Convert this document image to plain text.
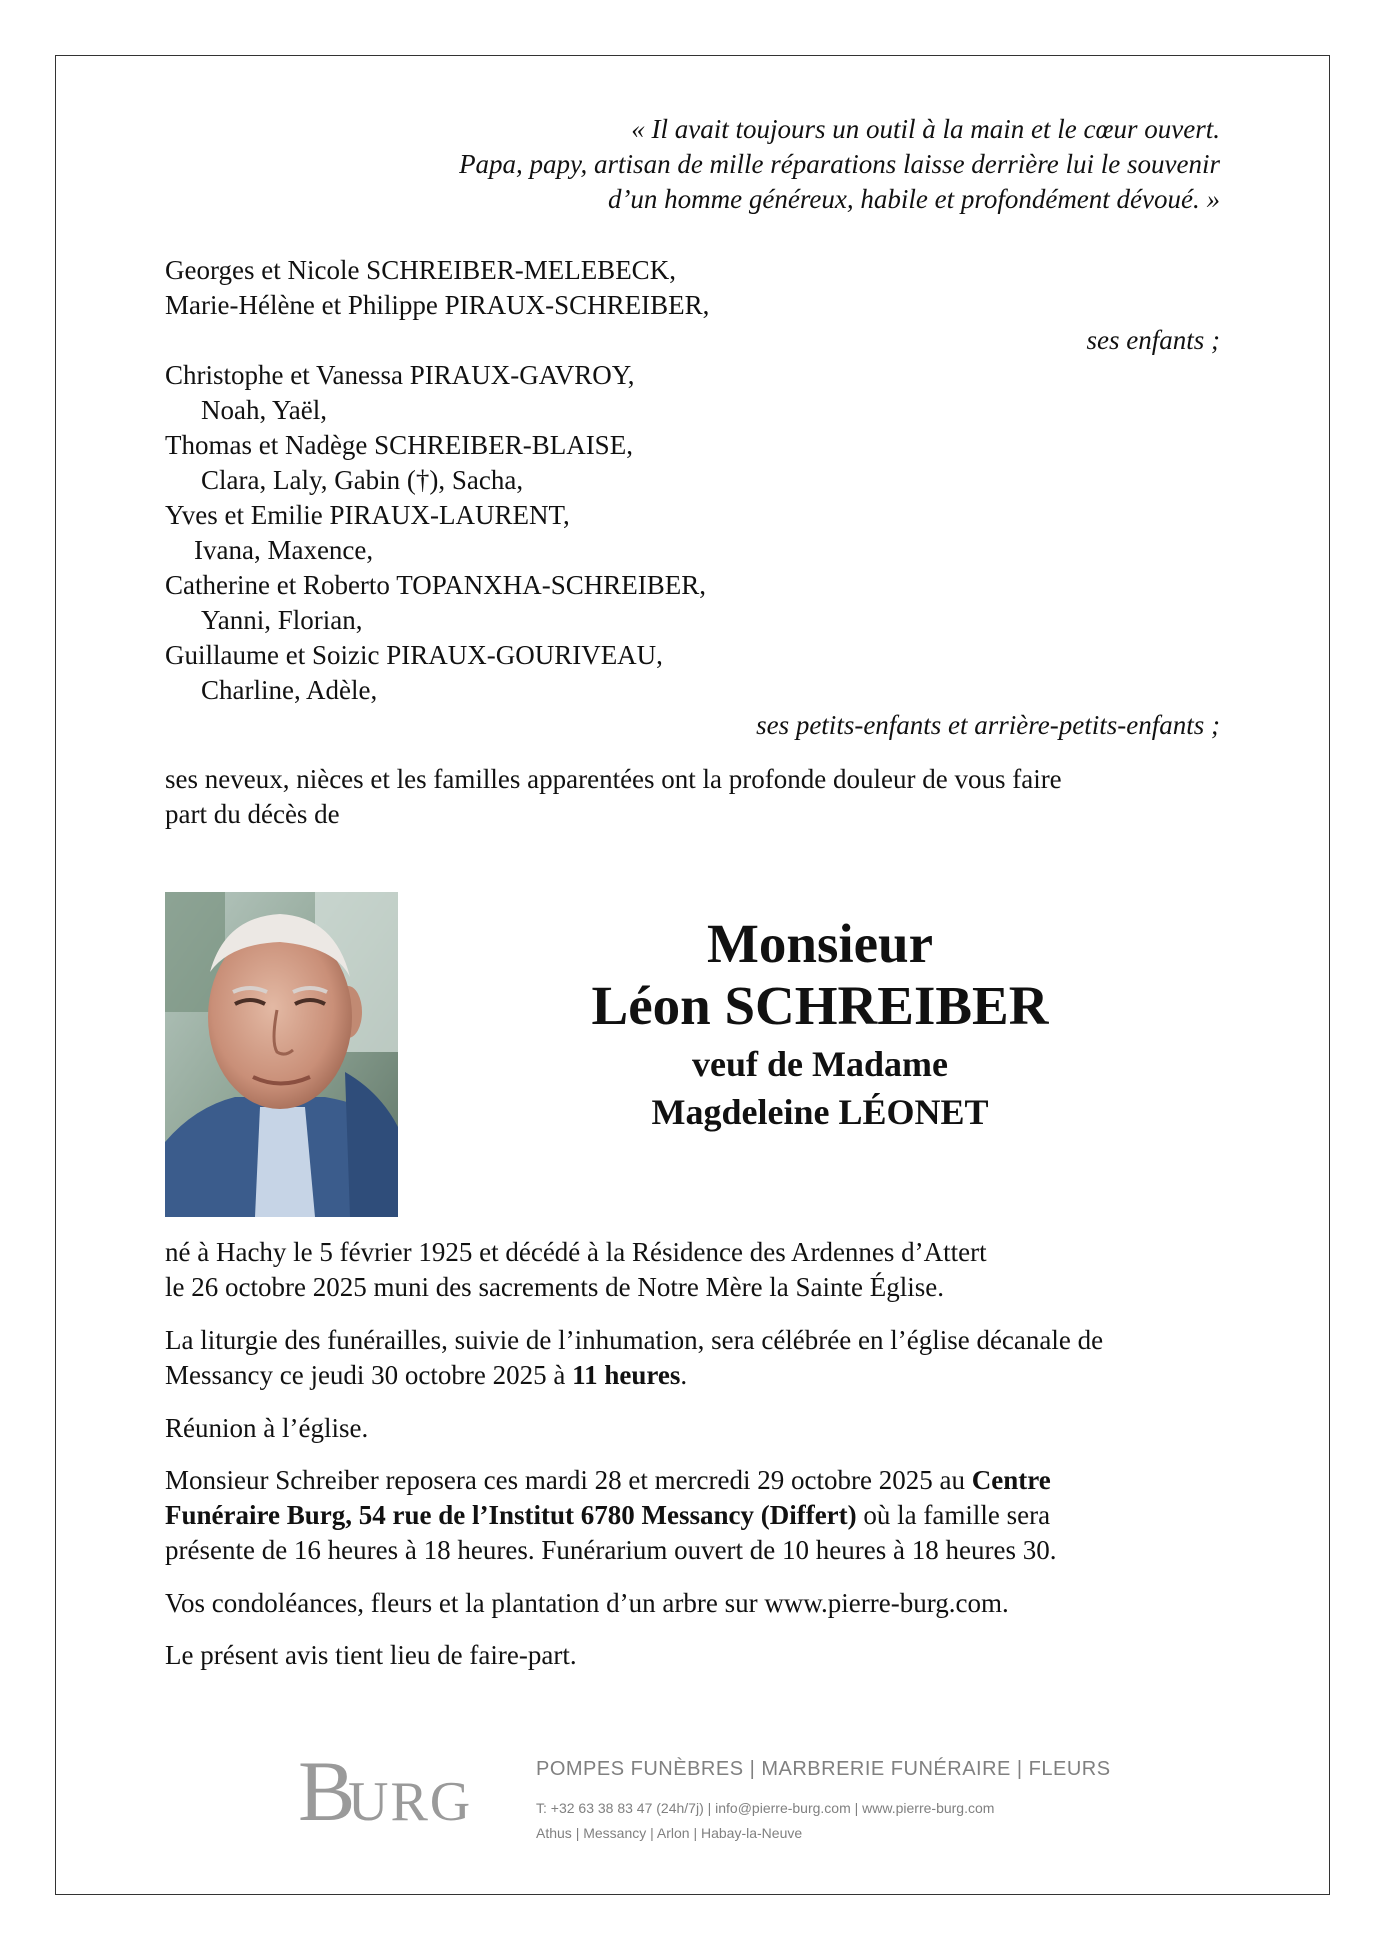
« Il avait toujours un outil à la main et le cœur ouvert.
Papa, papy, artisan de mille réparations laisse derrière lui le souvenir
d’un homme généreux, habile et profondément dévoué. »
Georges et Nicole SCHREIBER-MELEBECK,
Marie-Hélène et Philippe PIRAUX-SCHREIBER,
ses enfants ;
Christophe et Vanessa PIRAUX-GAVROY,
Noah, Yaël,
Thomas et Nadège SCHREIBER-BLAISE,
Clara, Laly, Gabin (†), Sacha,
Yves et Emilie PIRAUX-LAURENT,
Ivana, Maxence,
Catherine et Roberto TOPANXHA-SCHREIBER,
Yanni, Florian,
Guillaume et Soizic PIRAUX-GOURIVEAU,
Charline, Adèle,
ses petits-enfants et arrière-petits-enfants ;
ses neveux, nièces et les familles apparentées ont la profonde douleur de vous faire
part du décès de
Monsieur
Léon SCHREIBER
veuf de Madame
Magdeleine LÉONET
né à Hachy le 5 février 1925 et décédé à la Résidence des Ardennes d’Attert
le 26 octobre 2025 muni des sacrements de Notre Mère la Sainte Église.
La liturgie des funérailles, suivie de l’inhumation, sera célébrée en l’église décanale de
Messancy ce jeudi 30 octobre 2025 à 11 heures.
Réunion à l’église.
Monsieur Schreiber reposera ces mardi 28 et mercredi 29 octobre 2025 au Centre
Funéraire Burg, 54 rue de l’Institut 6780 Messancy (Differt) où la famille sera
présente de 16 heures à 18 heures. Funérarium ouvert de 10 heures à 18 heures 30.
Vos condoléances, fleurs et la plantation d’un arbre sur www.pierre-burg.com.
Le présent avis tient lieu de faire-part.
B
URG
POMPES FUNÈBRES | MARBRERIE FUNÉRAIRE | FLEURS
T: +32 63 38 83 47 (24h/7j) | info@pierre-burg.com | www.pierre-burg.com
Athus | Messancy | Arlon | Habay-la-Neuve
